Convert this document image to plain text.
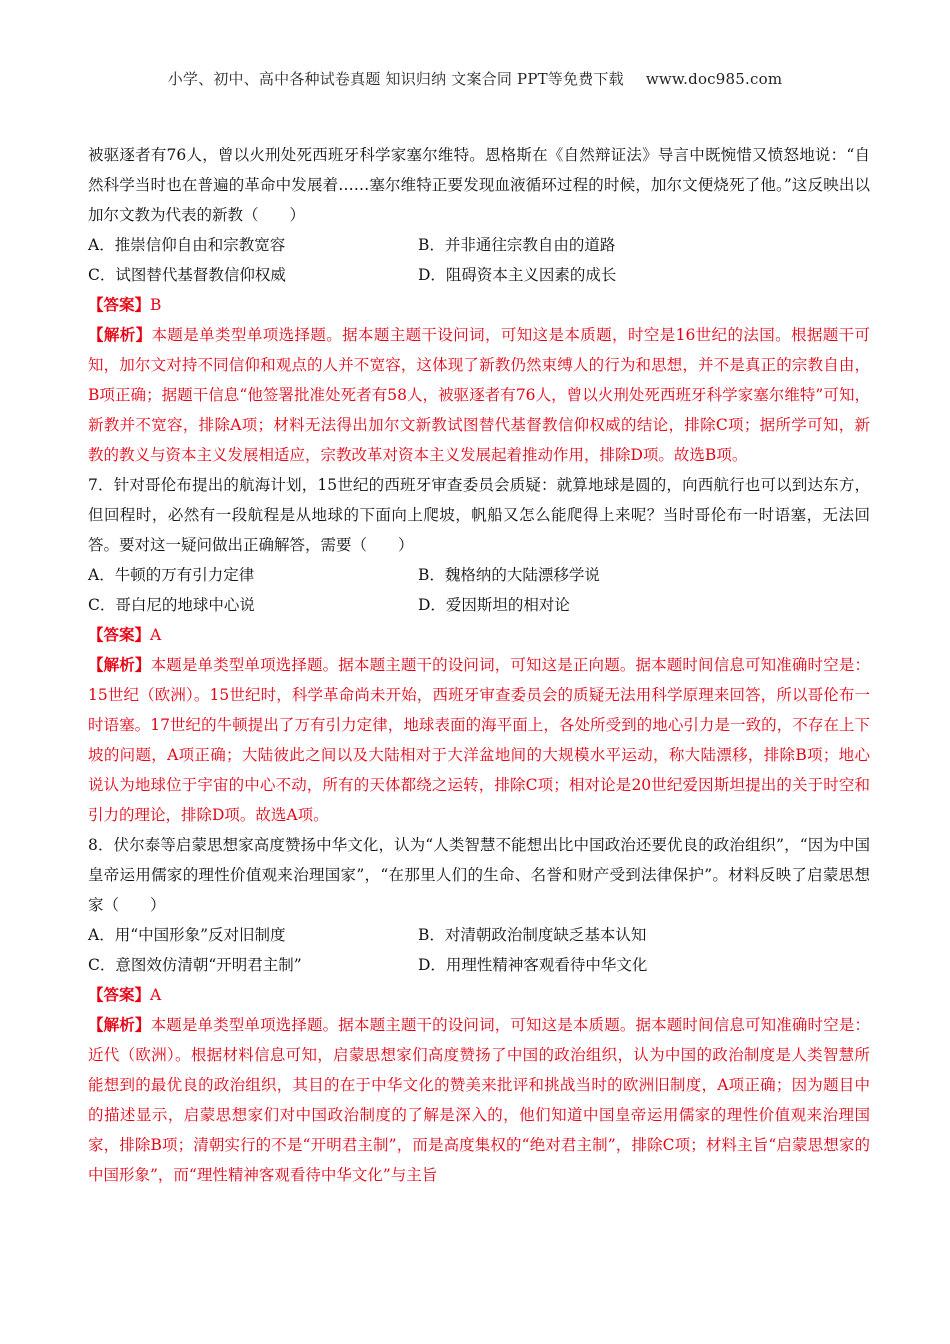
小学、初中、高中各种试卷真题 知识归纳 文案合同 PPT等免费下载 www.doc985.com

被驱逐者有76人，曾以火刑处死西班牙科学家塞尔维特。恩格斯在《自然辩证法》导言中既惋惜又愤怒地说：“自然科学当时也在普遍的革命中发展着……塞尔维特正要发现血液循环过程的时候，加尔文便烧死了他。”这反映出以加尔文教为代表的新教（　　）

A．推崇信仰自由和宗教宽容	B．并非通往宗教自由的道路
C．试图替代基督教信仰权威	D．阻碍资本主义因素的成长
【答案】B

【解析】本题是单类型单项选择题。据本题主题干设问词，可知这是本质题，时空是16世纪的法国。根据题干可知，加尔文对持不同信仰和观点的人并不宽容，这体现了新教仍然束缚人的行为和思想，并不是真正的宗教自由，B项正确；据题干信息“他签署批准处死者有58人，被驱逐者有76人，曾以火刑处死西班牙科学家塞尔维特”可知，新教并不宽容，排除A项；材料无法得出加尔文新教试图替代基督教信仰权威的结论，排除C项；据所学可知，新教的教义与资本主义发展相适应，宗教改革对资本主义发展起着推动作用，排除D项。故选B项。

7．针对哥伦布提出的航海计划，15世纪的西班牙审查委员会质疑：就算地球是圆的，向西航行也可以到达东方，但回程时，必然有一段航程是从地球的下面向上爬坡，帆船又怎么能爬得上来呢？当时哥伦布一时语塞，无法回答。要对这一疑问做出正确解答，需要（　　）

A．牛顿的万有引力定律	B．魏格纳的大陆漂移学说
C．哥白尼的地球中心说	D．爱因斯坦的相对论
【答案】A

【解析】本题是单类型单项选择题。据本题主题干的设问词，可知这是正向题。据本题时间信息可知准确时空是：15世纪（欧洲）。15世纪时，科学革命尚未开始，西班牙审查委员会的质疑无法用科学原理来回答，所以哥伦布一时语塞。17世纪的牛顿提出了万有引力定律，地球表面的海平面上，各处所受到的地心引力是一致的，不存在上下坡的问题，A项正确；大陆彼此之间以及大陆相对于大洋盆地间的大规模水平运动，称大陆漂移，排除B项；地心说认为地球位于宇宙的中心不动，所有的天体都绕之运转，排除C项；相对论是20世纪爱因斯坦提出的关于时空和引力的理论，排除D项。故选A项。

8．伏尔泰等启蒙思想家高度赞扬中华文化，认为“人类智慧不能想出比中国政治还要优良的政治组织”，“因为中国皇帝运用儒家的理性价值观来治理国家”，“在那里人们的生命、名誉和财产受到法律保护”。材料反映了启蒙思想家（　　）

A．用“中国形象”反对旧制度	B．对清朝政治制度缺乏基本认知
C．意图效仿清朝“开明君主制”	D．用理性精神客观看待中华文化
【答案】A

【解析】本题是单类型单项选择题。据本题主题干的设问词，可知这是本质题。据本题时间信息可知准确时空是：近代（欧洲）。根据材料信息可知，启蒙思想家们高度赞扬了中国的政治组织，认为中国的政治制度是人类智慧所能想到的最优良的政治组织，其目的在于中华文化的赞美来批评和挑战当时的欧洲旧制度，A项正确；因为题目中的描述显示，启蒙思想家们对中国政治制度的了解是深入的，他们知道中国皇帝运用儒家的理性价值观来治理国家，排除B项；清朝实行的不是“开明君主制”，而是高度集权的“绝对君主制”，排除C项；材料主旨“启蒙思想家的中国形象”，而“理性精神客观看待中华文化”与主旨
